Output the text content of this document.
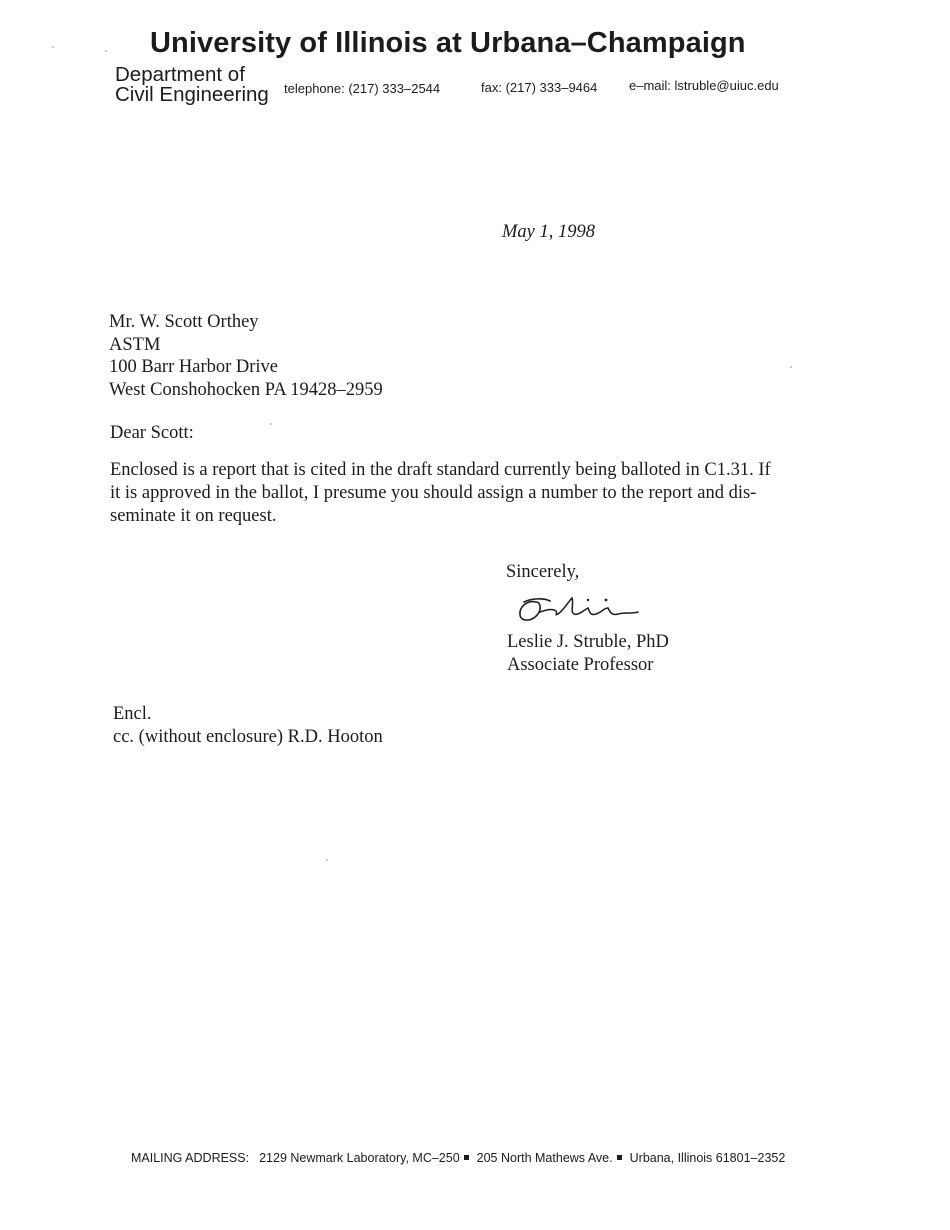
University of Illinois at Urbana–Champaign
Department of
Civil Engineering telephone: (217) 333–2544	fax: (217) 333–9464 e–mail: lstruble@uiuc.edu
May 1, 1998
Mr. W. Scott Orthey
ASTM
100 Barr Harbor Drive
West Conshohocken PA 19428–2959
Dear Scott:
Enclosed is a report that is cited in the draft standard currently being balloted in C1.31. If
it is approved in the ballot, I presume you should assign a number to the report and dis-
seminate it on request.
Sincerely,
Leslie J. Struble, PhD
Associate Professor
Encl.
cc. (without enclosure) R.D. Hooton
MAILING ADDRESS: 2129 Newmark Laboratory, MC–250 205 North Mathews Ave. Urbana, Illinois 61801–2352
